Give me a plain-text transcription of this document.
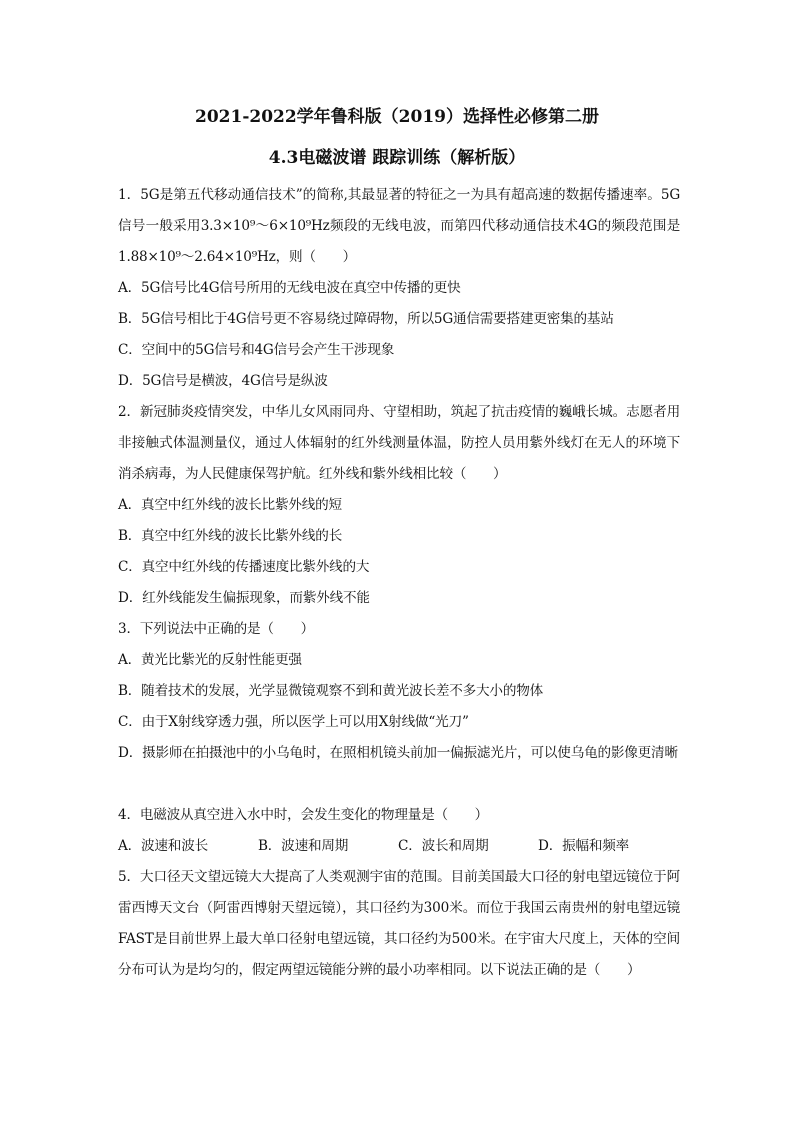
2021-2022学年鲁科版（2019）选择性必修第二册
4.3电磁波谱 跟踪训练（解析版）
1．5G是第五代移动通信技术”的简称,其最显著的特征之一为具有超高速的数据传播速率。5G信号一般采用3.3×10⁹～6×10⁹Hz频段的无线电波，而第四代移动通信技术4G的频段范围是1.88×10⁹～2.64×10⁹Hz，则（　　）
A．5G信号比4G信号所用的无线电波在真空中传播的更快
B．5G信号相比于4G信号更不容易绕过障碍物，所以5G通信需要搭建更密集的基站
C．空间中的5G信号和4G信号会产生干涉现象
D．5G信号是横波，4G信号是纵波
2．新冠肺炎疫情突发，中华儿女风雨同舟、守望相助，筑起了抗击疫情的巍峨长城。志愿者用非接触式体温测量仪，通过人体辐射的红外线测量体温，防控人员用紫外线灯在无人的环境下消杀病毒，为人民健康保驾护航。红外线和紫外线相比较（　　）
A．真空中红外线的波长比紫外线的短
B．真空中红外线的波长比紫外线的长
C．真空中红外线的传播速度比紫外线的大
D．红外线能发生偏振现象，而紫外线不能
3．下列说法中正确的是（　　）
A．黄光比紫光的反射性能更强
B．随着技术的发展，光学显微镜观察不到和黄光波长差不多大小的物体
C．由于X射线穿透力强，所以医学上可以用X射线做“光刀”
D．摄影师在拍摄池中的小乌龟时，在照相机镜头前加一偏振滤光片，可以使乌龟的影像更清晰
4．电磁波从真空进入水中时，会发生变化的物理量是（　　）
A．波速和波长	B．波速和周期	C．波长和周期	D．振幅和频率
5．大口径天文望远镜大大提高了人类观测宇宙的范围。目前美国最大口径的射电望远镜位于阿雷西博天文台（阿雷西博射天望远镜），其口径约为300米。而位于我国云南贵州的射电望远镜FAST是目前世界上最大单口径射电望远镜，其口径约为500米。在宇宙大尺度上，天体的空间分布可认为是均匀的，假定两望远镜能分辨的最小功率相同。以下说法正确的是（　　）
